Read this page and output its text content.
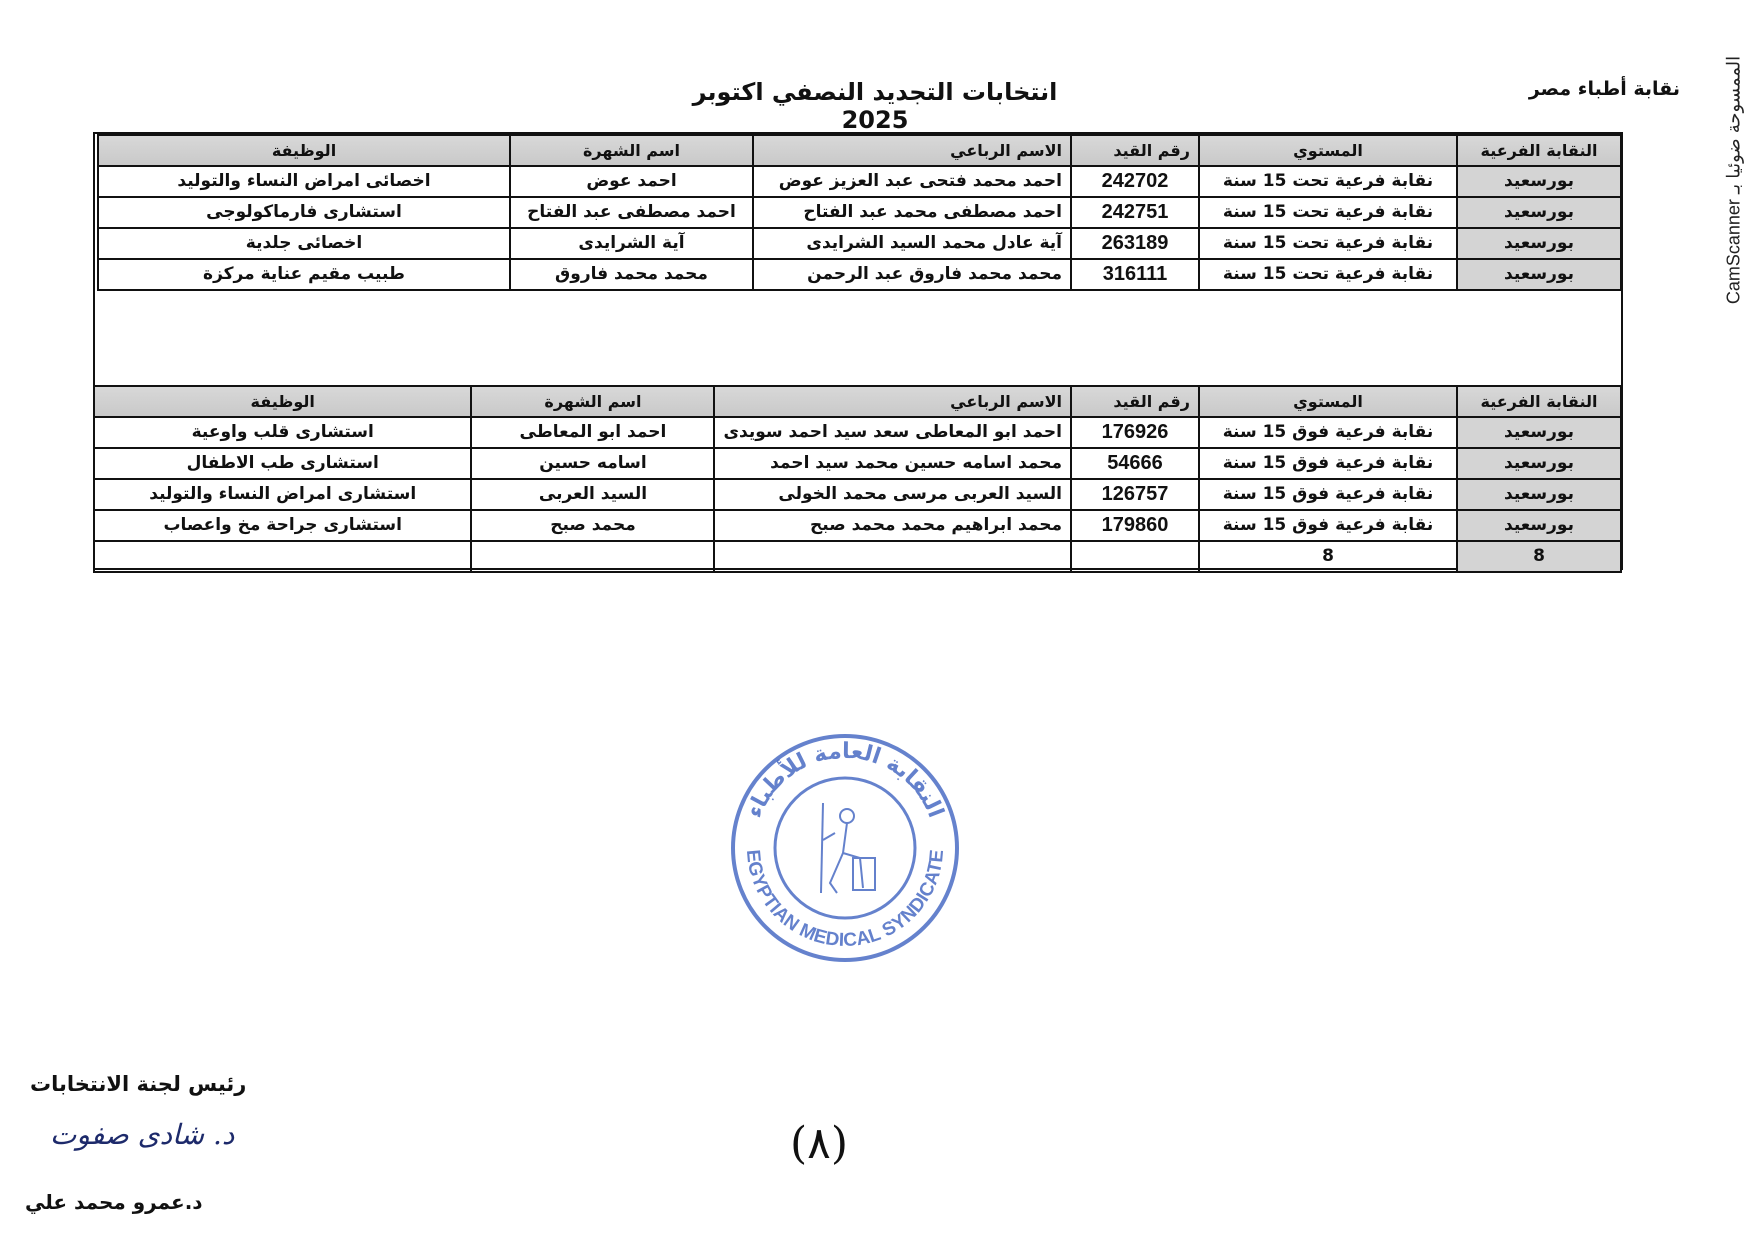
نقابة أطباء مصر
انتخابات التجديد النصفي اكتوبر 2025
الممسوحة ضوئيا بـ CamScanner
النقابة الفرعية	المستوي	رقم القيد	الاسم الرباعي	اسم الشهرة	الوظيفة
بورسعيد	نقابة فرعية تحت 15 سنة	242702	احمد محمد فتحى عبد العزيز عوض	احمد عوض	اخصائى امراض النساء والتوليد
بورسعيد	نقابة فرعية تحت 15 سنة	242751	احمد مصطفى محمد عبد الفتاح	احمد مصطفى عبد الفتاح	استشارى فارماكولوجى
بورسعيد	نقابة فرعية تحت 15 سنة	263189	آية عادل محمد السيد الشرايدى	آية الشرايدى	اخصائى جلدية
بورسعيد	نقابة فرعية تحت 15 سنة	316111	محمد محمد فاروق عبد الرحمن	محمد محمد فاروق	طبيب مقيم عناية مركزة
النقابة الفرعية	المستوي	رقم القيد	الاسم الرباعي	اسم الشهرة	الوظيفة
بورسعيد	نقابة فرعية فوق 15 سنة	176926	احمد ابو المعاطى سعد سيد احمد سويدى	احمد ابو المعاطى	استشارى قلب واوعية
بورسعيد	نقابة فرعية فوق 15 سنة	54666	محمد اسامه حسين محمد سيد احمد	اسامه حسين	استشارى طب الاطفال
بورسعيد	نقابة فرعية فوق 15 سنة	126757	السيد العربى مرسى محمد الخولى	السيد العربى	استشارى امراض النساء والتوليد
بورسعيد	نقابة فرعية فوق 15 سنة	179860	محمد ابراهيم محمد محمد صبح	محمد صبح	استشارى جراحة مخ واعصاب
8	8				
النقابة العامة للأطباء
EGYPTIAN MEDICAL SYNDICATE
(٨)
رئيس لجنة الانتخابات
د. شادى صفوت
د.عمرو محمد علي
